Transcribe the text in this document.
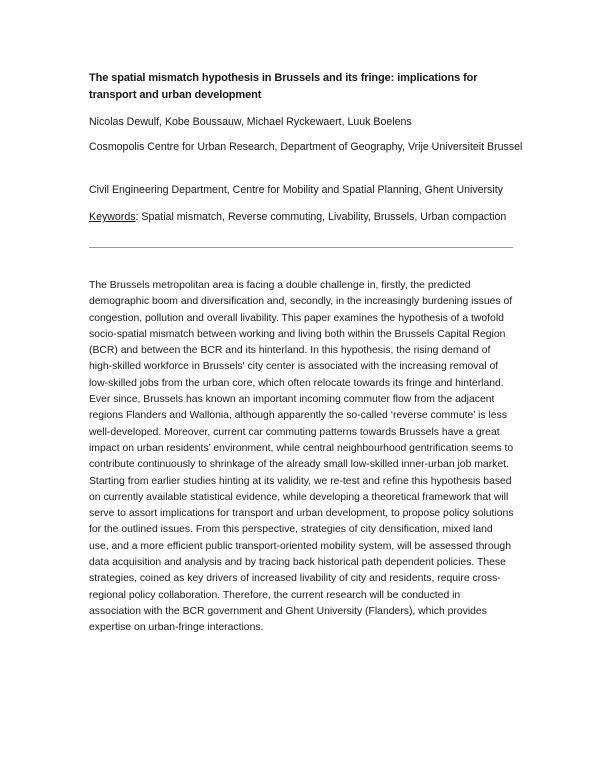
The spatial mismatch hypothesis in Brussels and its fringe: implications for transport and urban development
Nicolas Dewulf, Kobe Boussauw, Michael Ryckewaert, Luuk Boelens
Cosmopolis Centre for Urban Research, Department of Geography, Vrije Universiteit Brussel
Civil Engineering Department, Centre for Mobility and Spatial Planning, Ghent University
Keywords: Spatial mismatch, Reverse commuting, Livability, Brussels, Urban compaction
The Brussels metropolitan area is facing a double challenge in, firstly, the predicted demographic boom and diversification and, secondly, in the increasingly burdening issues of congestion, pollution and overall livability. This paper examines the hypothesis of a twofold socio-spatial mismatch between working and living both within the Brussels Capital Region (BCR) and between the BCR and its hinterland. In this hypothesis, the rising demand of high-skilled workforce in Brussels' city center is associated with the increasing removal of low-skilled jobs from the urban core, which often relocate towards its fringe and hinterland. Ever since, Brussels has known an important incoming commuter flow from the adjacent regions Flanders and Wallonia, although apparently the so-called ‘reverse commute’ is less well-developed. Moreover, current car commuting patterns towards Brussels have a great impact on urban residents’ environment, while central neighbourhood gentrification seems to contribute continuously to shrinkage of the already small low-skilled inner-urban job market. Starting from earlier studies hinting at its validity, we re-test and refine this hypothesis based on currently available statistical evidence, while developing a theoretical framework that will serve to assort implications for transport and urban development, to propose policy solutions for the outlined issues. From this perspective, strategies of city densification, mixed land use, and a more efficient public transport-oriented mobility system, will be assessed through data acquisition and analysis and by tracing back historical path dependent policies. These strategies, coined as key drivers of increased livability of city and residents, require cross-regional policy collaboration. Therefore, the current research will be conducted in association with the BCR government and Ghent University (Flanders), which provides expertise on urban-fringe interactions.
